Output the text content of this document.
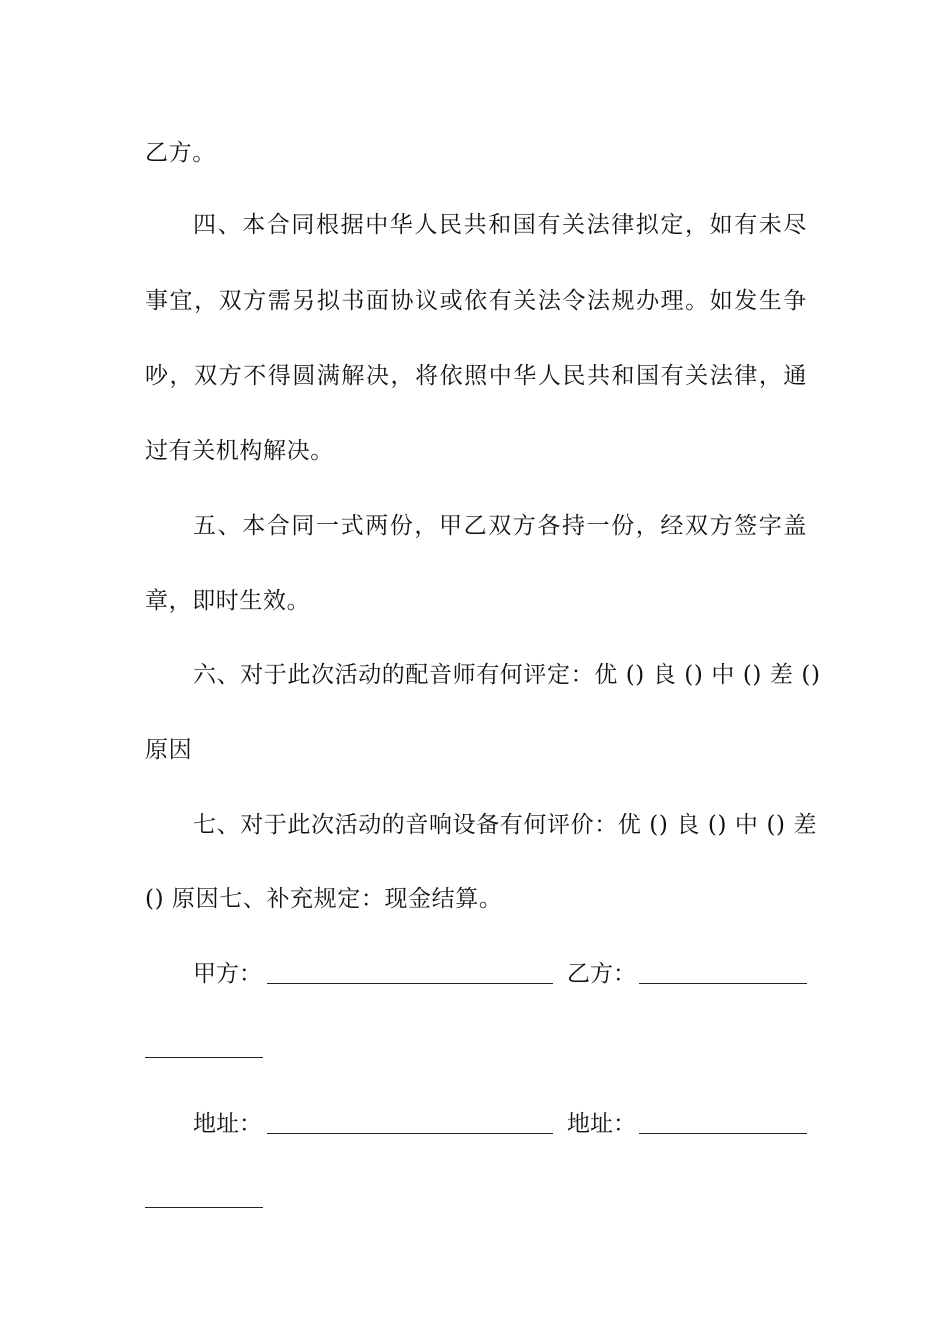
乙方。
四、本合同根据中华人民共和国有关法律拟定，如有未尽
事宜，双方需另拟书面协议或依有关法令法规办理。如发生争
吵，双方不得圆满解决，将依照中华人民共和国有关法律，通
过有关机构解决。
五、本合同一式两份，甲乙双方各持一份，经双方签字盖
章，即时生效。
六、对于此次活动的配音师有何评定：优 () 良 () 中 () 差 ()
原因
七、对于此次活动的音响设备有何评价：优 () 良 () 中 () 差
() 原因七、补充规定：现金结算。
甲方：	乙方：
地址：	地址：
